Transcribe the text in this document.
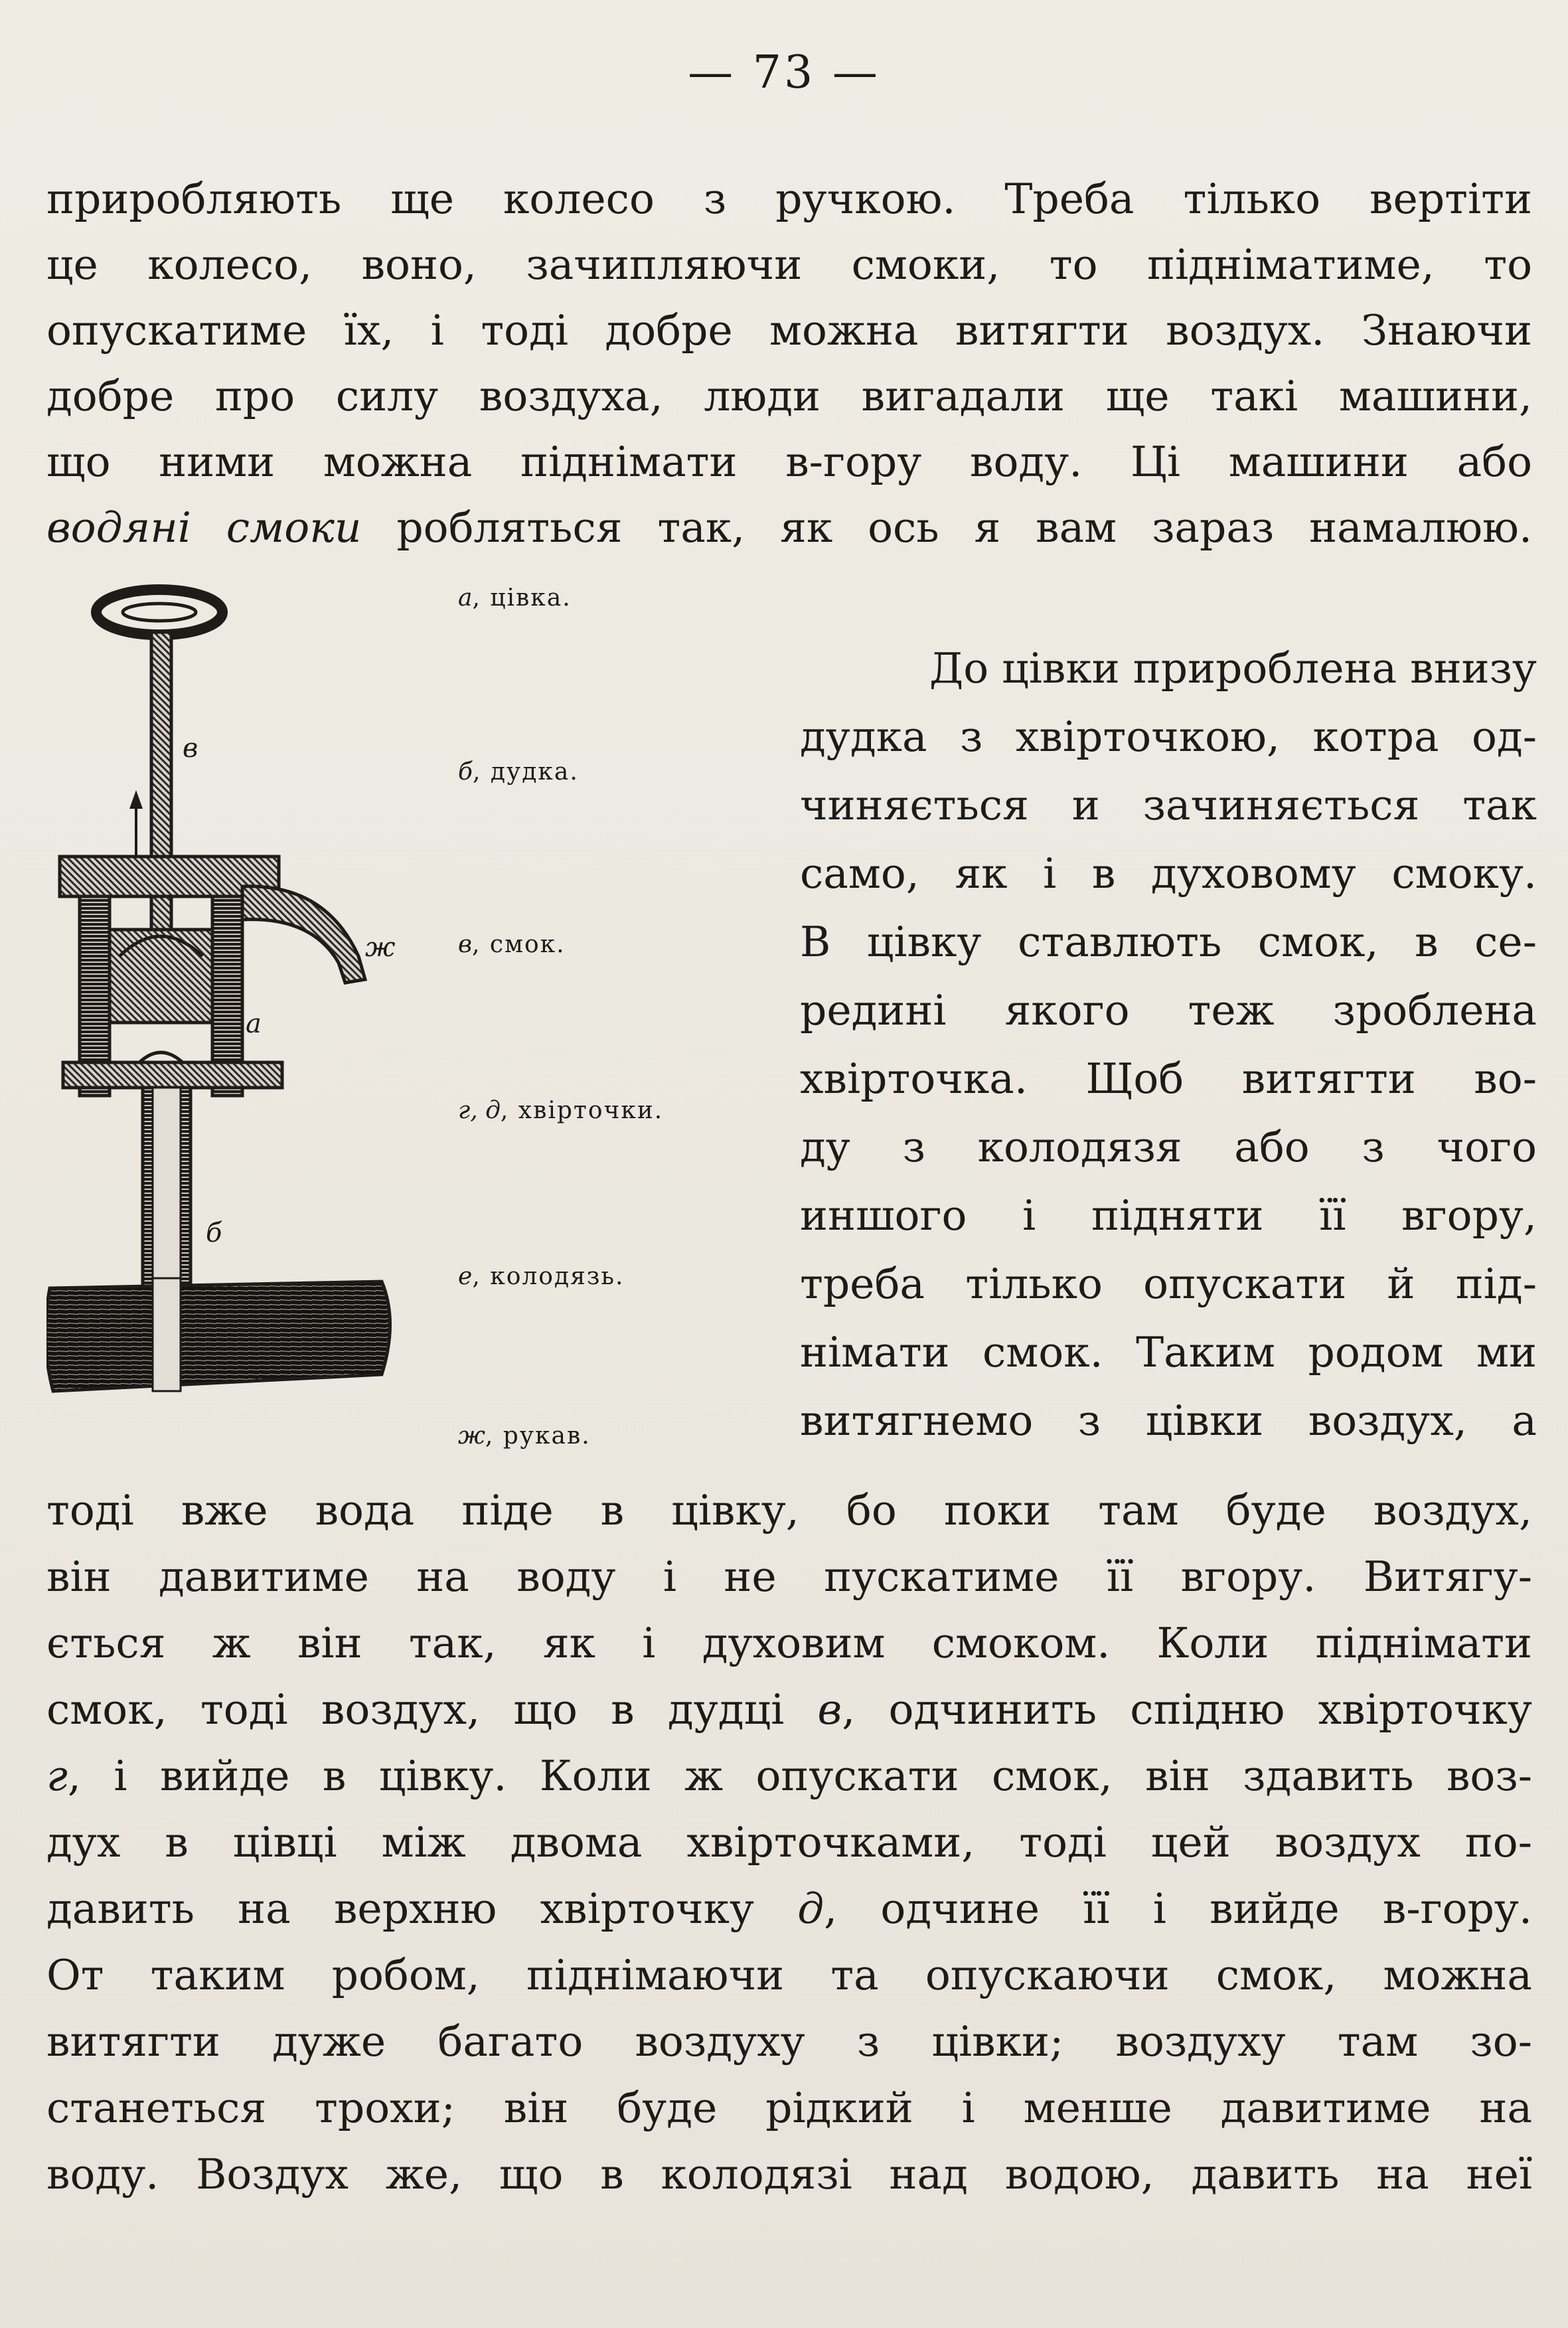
— 73 —
приробляють ще колесо з ручкою. Треба тілько вертіти
це колесо, воно, зачипляючи смоки, то підніматиме, то
опускатиме їх, і тоді добре можна витягти воздух. Знаючи
добре про силу воздуха, люди вигадали ще такі машини,
що ними можна піднімати в-гору воду. Ці машини або
водяні смоки робляться так, як ось я вам зараз намалюю.
в
ж
а
б
а, цівка.
б, дудка.
в, смок.
г, д, хвірточки.
е, колодязь.
ж, рукав.
До цівки приробленa внизу
дудка з хвірточкою, котра од-
чиняється и зачиняється так
само, як і в духовому смоку.
В цівку ставлють смок, в се-
редині якого теж зроблена
хвірточка. Щоб витягти во-
ду з колодязя або з чого
иншого і підняти її вгору,
треба тілько опускати й під-
німати смок. Таким родом ми
витягнемо з цівки воздух, а
тоді вже вода піде в цівку, бо поки там буде воздух,
він давитиме на воду і не пускатиме її вгору. Витягу-
ється ж він так, як і духовим смоком. Коли піднімати
смок, тоді воздух, що в дудці в, одчинить спідню хвірточку
г, і вийде в цівку. Коли ж опускати смок, він здавить воз-
дух в цівці між двома хвірточками, тоді цей воздух по-
давить на верхню хвірточку д, одчине її і вийде в-гору.
От таким робом, піднімаючи та опускаючи смок, можна
витягти дуже багато воздуху з цівки; воздуху там зо-
станеться трохи; він буде рідкий і менше давитиме на
воду. Воздух же, що в колодязі над водою, давить на неї
